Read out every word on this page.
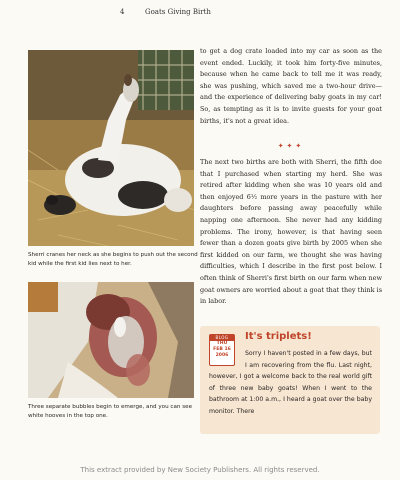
4	Goats Giving Birth
Sherri cranes her neck as she begins to push out the second kid while the first kid lies next to her.
Three separate bubbles begin to emerge, and you can see white hooves in the top one.
to get a dog crate loaded into my car as soon as the event ended. Luckily, it took him forty-five minutes, because when he came back to tell me it was ready, she was pushing, which saved me a two-hour drive—and the experience of delivering baby goats in my car! So, as tempting as it is to invite guests for your goat births, it's not a great idea.
✦✦✦
The next two births are both with Sherri, the fifth doe that I purchased when starting my herd. She was retired after kidding when she was 10 years old and then enjoyed 6½ more years in the pasture with her daughters before passing away peacefully while napping one afternoon. She never had any kidding problems. The irony, however, is that having seen fewer than a dozen goats give birth by 2005 when she first kidded on our farm, we thought she was having difficulties, which I describe in the first post below. I often think of Sherri's first birth on our farm when new goat owners are worried about a goat that they think is in labor.
BLOG
THU
FEB 16
2006
It's triplets!
Sorry I haven't posted in a few days, but I am recovering from the flu. Last night, however, I got a welcome back to the real world gift of three new baby goats! When I went to the bathroom at 1:00 a.m., I heard a goat over the baby monitor. There
This extract provided by New Society Publishers. All rights reserved.
